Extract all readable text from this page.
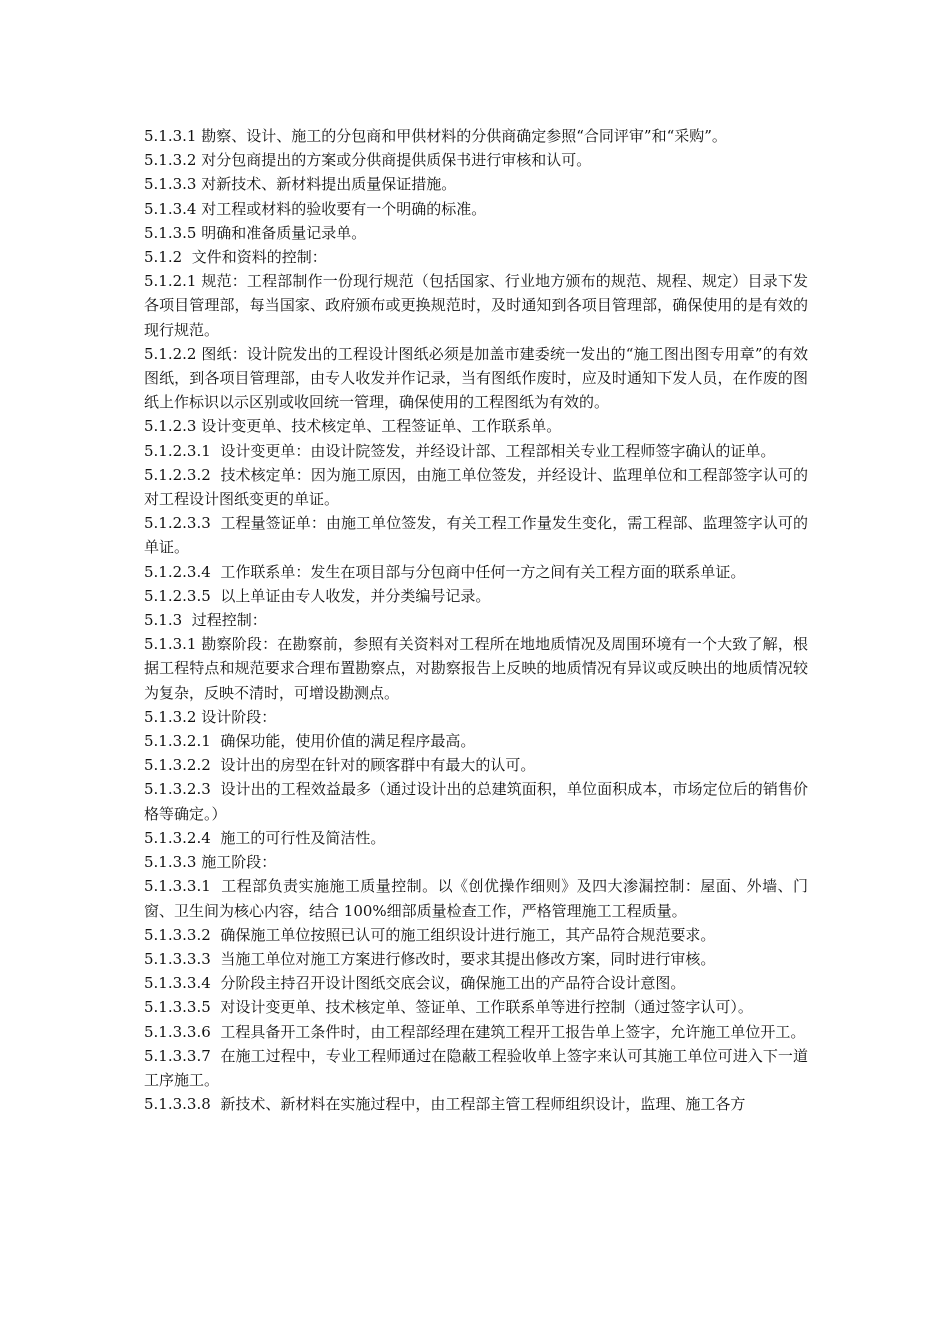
5.1.3.1 勘察、设计、施工的分包商和甲供材料的分供商确定参照“合同评审”和“采购”。

5.1.3.2 对分包商提出的方案或分供商提供质保书进行审核和认可。

5.1.3.3 对新技术、新材料提出质量保证措施。

5.1.3.4 对工程或材料的验收要有一个明确的标准。

5.1.3.5 明确和准备质量记录单。

5.1.2  文件和资料的控制：

5.1.2.1 规范：工程部制作一份现行规范（包括国家、行业地方颁布的规范、规程、规定）目录下发各项目管理部，每当国家、政府颁布或更换规范时，及时通知到各项目管理部，确保使用的是有效的现行规范。

5.1.2.2 图纸：设计院发出的工程设计图纸必须是加盖市建委统一发出的“施工图出图专用章”的有效图纸，到各项目管理部，由专人收发并作记录，当有图纸作废时，应及时通知下发人员，在作废的图纸上作标识以示区别或收回统一管理，确保使用的工程图纸为有效的。

5.1.2.3 设计变更单、技术核定单、工程签证单、工作联系单。

5.1.2.3.1  设计变更单：由设计院签发，并经设计部、工程部相关专业工程师签字确认的证单。

5.1.2.3.2  技术核定单：因为施工原因，由施工单位签发，并经设计、监理单位和工程部签字认可的对工程设计图纸变更的单证。

5.1.2.3.3  工程量签证单：由施工单位签发，有关工程工作量发生变化，需工程部、监理签字认可的单证。

5.1.2.3.4  工作联系单：发生在项目部与分包商中任何一方之间有关工程方面的联系单证。

5.1.2.3.5  以上单证由专人收发，并分类编号记录。

5.1.3  过程控制：

5.1.3.1 勘察阶段：在勘察前，参照有关资料对工程所在地地质情况及周围环境有一个大致了解，根据工程特点和规范要求合理布置勘察点，对勘察报告上反映的地质情况有异议或反映出的地质情况较为复杂，反映不清时，可增设勘测点。

5.1.3.2 设计阶段：

5.1.3.2.1  确保功能，使用价值的满足程序最高。

5.1.3.2.2  设计出的房型在针对的顾客群中有最大的认可。

5.1.3.2.3  设计出的工程效益最多（通过设计出的总建筑面积，单位面积成本，市场定位后的销售价格等确定。）

5.1.3.2.4  施工的可行性及简洁性。

5.1.3.3 施工阶段：

5.1.3.3.1  工程部负责实施施工质量控制。以《创优操作细则》及四大渗漏控制：屋面、外墙、门窗、卫生间为核心内容，结合 100%细部质量检查工作，严格管理施工工程质量。

5.1.3.3.2  确保施工单位按照已认可的施工组织设计进行施工，其产品符合规范要求。

5.1.3.3.3  当施工单位对施工方案进行修改时，要求其提出修改方案，同时进行审核。

5.1.3.3.4  分阶段主持召开设计图纸交底会议，确保施工出的产品符合设计意图。

5.1.3.3.5  对设计变更单、技术核定单、签证单、工作联系单等进行控制（通过签字认可）。

5.1.3.3.6  工程具备开工条件时，由工程部经理在建筑工程开工报告单上签字，允许施工单位开工。

5.1.3.3.7  在施工过程中，专业工程师通过在隐蔽工程验收单上签字来认可其施工单位可进入下一道工序施工。

5.1.3.3.8  新技术、新材料在实施过程中，由工程部主管工程师组织设计，监理、施工各方
